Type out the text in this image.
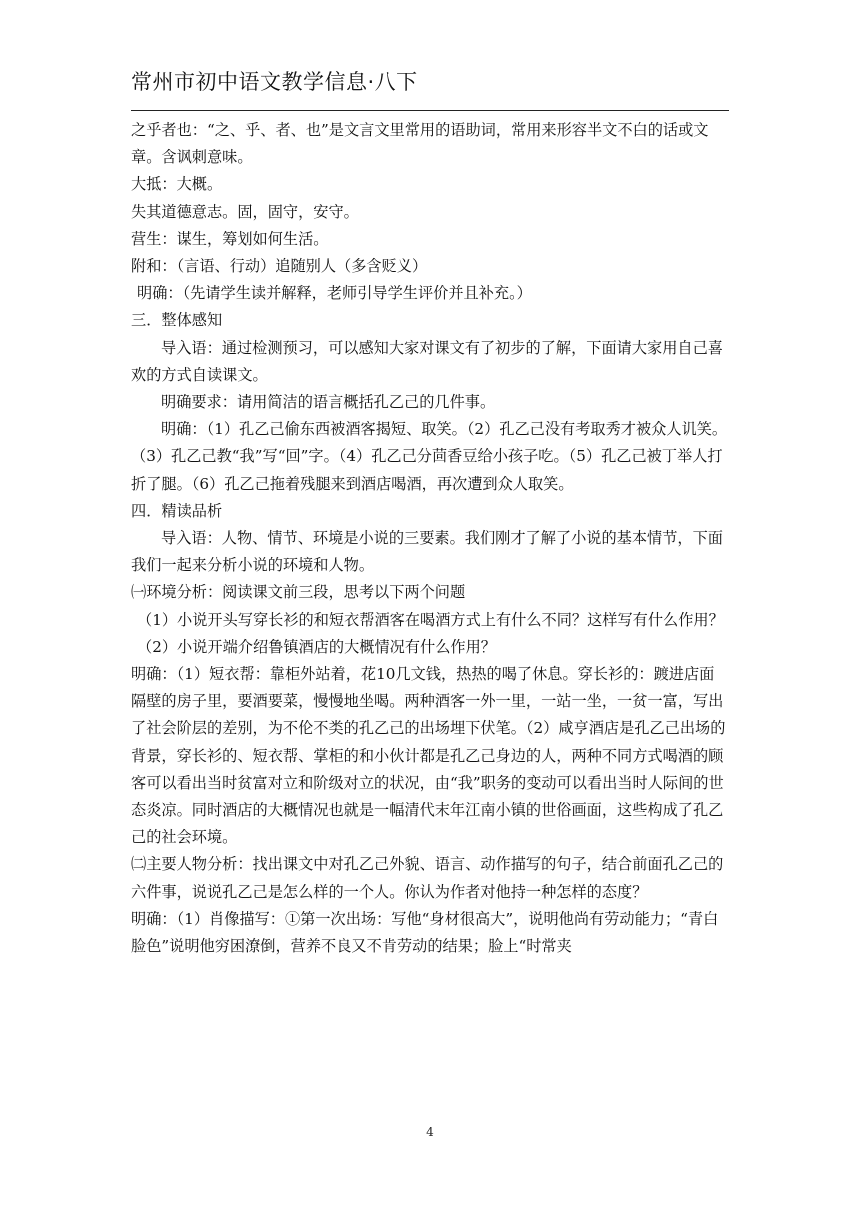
常州市初中语文教学信息·八下

之乎者也：“之、乎、者、也”是文言文里常用的语助词，常用来形容半文不白的话或文章。含讽刺意味。

大抵：大概。

失其道德意志。固，固守，安守。

营生：谋生，筹划如何生活。

附和：（言语、行动）追随别人（多含贬义）

明确：（先请学生读并解释，老师引导学生评价并且补充。）

三．整体感知

导入语：通过检测预习，可以感知大家对课文有了初步的了解，下面请大家用自己喜欢的方式自读课文。

明确要求：请用简洁的语言概括孔乙己的几件事。

明确：（1）孔乙己偷东西被酒客揭短、取笑。（2）孔乙己没有考取秀才被众人讥笑。（3）孔乙己教“我”写“回”字。（4）孔乙己分茴香豆给小孩子吃。（5）孔乙己被丁举人打折了腿。（6）孔乙己拖着残腿来到酒店喝酒，再次遭到众人取笑。

四．精读品析

导入语：人物、情节、环境是小说的三要素。我们刚才了解了小说的基本情节，下面我们一起来分析小说的环境和人物。

㈠环境分析：阅读课文前三段，思考以下两个问题

（1）小说开头写穿长衫的和短衣帮酒客在喝酒方式上有什么不同？这样写有什么作用？

（2）小说开端介绍鲁镇酒店的大概情况有什么作用？

明确：（1）短衣帮：靠柜外站着，花10几文钱，热热的喝了休息。穿长衫的：踱进店面隔壁的房子里，要酒要菜，慢慢地坐喝。两种酒客一外一里，一站一坐，一贫一富，写出了社会阶层的差别，为不伦不类的孔乙己的出场埋下伏笔。（2）咸亨酒店是孔乙己出场的背景，穿长衫的、短衣帮、掌柜的和小伙计都是孔乙己身边的人，两种不同方式喝酒的顾客可以看出当时贫富对立和阶级对立的状况，由“我”职务的变动可以看出当时人际间的世态炎凉。同时酒店的大概情况也就是一幅清代末年江南小镇的世俗画面，这些构成了孔乙己的社会环境。

㈡主要人物分析：找出课文中对孔乙己外貌、语言、动作描写的句子，结合前面孔乙己的六件事，说说孔乙己是怎么样的一个人。你认为作者对他持一种怎样的态度？

明确：（1）肖像描写：①第一次出场：写他“身材很高大”，说明他尚有劳动能力；“青白脸色”说明他穷困潦倒，营养不良又不肯劳动的结果；脸上“时常夹

4
